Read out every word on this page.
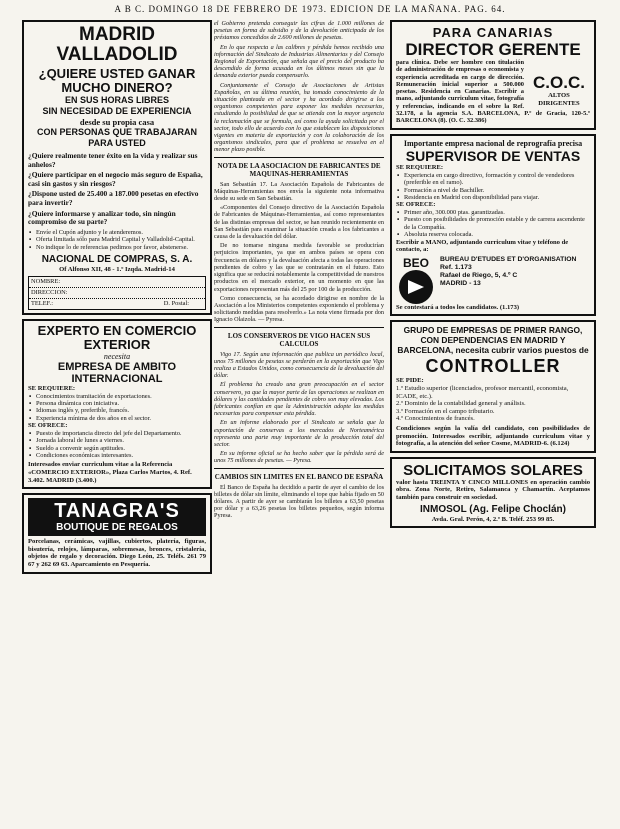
A B C. DOMINGO 18 DE FEBRERO DE 1973. EDICION DE LA MAÑANA. PAG. 64.
MADRID
VALLADOLID
¿QUIERE USTED GANAR
MUCHO DINERO?
EN SUS HORAS LIBRES
SIN NECESIDAD DE EXPERIENCIA
desde su propia casa
CON PERSONAS QUE TRABAJARAN
PARA USTED
¿Quiere realmente tener éxito en la vida y realizar sus anhelos?
¿Quiere participar en el negocio más seguro de España, casi sin gastos y sin riesgos?
¿Dispone usted de 25.400 a 187.000 pesetas en efectivo para invertir?
¿Quiere informarse y analizar todo, sin ningún compromiso de su parte?
▪ Envíe el Cupón adjunto y le atenderemos.
▪ Oferta limitada sólo para Madrid Capital y Valladolid-Capital.
▪ No indique lo de referencias pedimos por favor, abstenerse.
NACIONAL DE COMPRAS, S. A.
Of Alfonso XII, 48 - 1.º Izqda. Madrid-14
NOMBRE:
DIRECCION:
TELEF.:	D. Postal:
EXPERTO EN COMERCIO
EXTERIOR
necesita
EMPRESA DE AMBITO
INTERNACIONAL
SE REQUIERE:
▪ Conocimientos tramitación de exportaciones.
▪ Persona dinámica con iniciativa.
▪ Idiomas inglés y, preferible, francés.
▪ Experiencia mínima de dos años en el sector.
SE OFRECE:
▪ Puesto de importancia directo del jefe del Departamento.
▪ Jornada laboral de lunes a viernes.
▪ Sueldo a convenir según aptitudes.
▪ Condiciones económicas interesantes.
Interesados enviar curriculum vitae a la Referencia «COMERCIO EXTERIOR», Plaza Carlos Martos, 4. Ref. 3.402. MADRID (3.400.)
TANAGRA'S
BOUTIQUE DE REGALOS
Porcelanas, cerámicas, vajillas, cubiertos, platería, figuras, bisutería, relojes, lámparas, sobremesas, bronces, cristalería, objetos de regalo y decoración. Diego León, 25. Teléfs. 261 79 67 y 262 69 63. Aparcamiento en Pesquería.

el Gobierno pretenda conseguir las cifras de 1.000 millones de pesetas en forma de subsidio y de la devolución anticipada de los préstamos concedidos de 2.600 millones de pesetas.

En lo que respecta a las calibres y pérdida hemos recibido una información del Sindicato de Industrias Alimentarias y del Consejo Regional de Exportación, que señala que el precio del producto ha descendido de forma acusada en los últimos meses sin que la demanda exterior pueda compensarlo.

Conjuntamente el Consejo de Asociaciones de Artistas Españolas, en su última reunión, ha tomado conocimiento de la situación planteada en el sector y ha acordado dirigirse a los organismos competentes para exponer las medidas necesarias, estudiando la posibilidad de que se atienda con la mayor urgencia la reclamación que se formula, así como la ayuda solicitada por el sector, todo ello de acuerdo con lo que establecen las disposiciones vigentes en materia de exportación y con la colaboración de los organismos sindicales, para que el problema se resuelva en el menor plazo posible.

NOTA DE LA ASOCIACION DE FABRICANTES DE MAQUINAS-HERRAMIENTAS

San Sebastián 17. La Asociación Española de Fabricantes de Máquinas-Herramientas nos envía la siguiente nota informativa desde su sede en San Sebastián.

«Componentes del Consejo directivo de la Asociación Española de Fabricantes de Máquinas-Herramientas, así como representantes de las distintas empresas del sector, se han reunido recientemente en San Sebastián para examinar la situación creada a los fabricantes a causa de la devaluación del dólar.

De no tomarse ninguna medida favorable se producirían perjuicios importantes, ya que en ambos países se opera con frecuencia en dólares y la devaluación afecta a todas las operaciones pendientes de cobro y las que se contratarán en el futuro. Esto significa que se reducirá notablemente la competitividad de nuestros productos en el mercado exterior, en un momento en que las exportaciones representan más del 25 por 100 de la producción.

Como consecuencia, se ha acordado dirigirse en nombre de la Asociación a los Ministerios competentes exponiendo el problema y solicitando medidas para resolverlo.» La nota viene firmada por don Ignacio Olaizola. — Pyresa.

LOS CONSERVEROS DE VIGO HACEN SUS CALCULOS

Vigo 17. Según una información que publica un periódico local, unos 75 millones de pesetas se perderán en la exportación que Vigo realiza a Estados Unidos, como consecuencia de la devaluación del dólar.

El problema ha creado una gran preocupación en el sector conservero, ya que la mayor parte de las operaciones se realizan en dólares y las cantidades pendientes de cobro son muy elevadas. Los fabricantes confían en que la Administración adopte las medidas necesarias para compensar esta pérdida.

En un informe elaborado por el Sindicato se señala que la exportación de conservas a los mercados de Norteamérica representa una parte muy importante de la producción total del sector.

En su informe oficial se ha hecho saber que la pérdida será de unos 75 millones de pesetas. — Pyresa.

CAMBIOS SIN LIMITES EN EL BANCO DE ESPAÑA

El Banco de España ha decidido a partir de ayer el cambio de los billetes de dólar sin límite, eliminando el tope que había fijado en 50 dólares. A partir de ayer se cambiarán los billetes a 63,50 pesetas por dólar y a 63,26 pesetas los billetes pequeños, según informa Pyresa.

PARA CANARIAS
DIRECTOR GERENTE
C.O.C.
ALTOS DIRIGENTES
para clínica. Debe ser hombre con titulación de administración de empresas o economista y experiencia acreditada en cargo de dirección. Remuneración inicial superior a 500.000 pesetas. Residencia en Canarias. Escribir a mano, adjuntando curriculum vitae, fotografía y referencias, indicando en el sobre la Ref. 32.178, a la agencia S.A. BARCELONA, P.º de Gracia, 120-5.º BARCELONA (8). (O. C. 32.386)
Importante empresa nacional de reprografía precisa
SUPERVISOR DE VENTAS
SE REQUIERE:
▪ Experiencia en cargo directivo, formación y control de vendedores (preferible en el ramo).
▪ Formación a nivel de Bachiller.
▪ Residencia en Madrid con disponibilidad para viajar.
SE OFRECE:
▪ Primer año, 300.000 ptas. garantizadas.
▪ Puesto con posibilidades de promoción estable y de carrera ascendente de la Compañía.
▪ Absoluta reserva colocada.
Escribir a MANO, adjuntando curriculum vitae y teléfono de contacto, a:
BEO	BUREAU D'ETUDES ET D'ORGANISATION
Ref. 1.173
Rafael de Riego, 5, 4.º C
MADRID - 13
Se contestará a todos los candidatos. (1.173)
GRUPO DE EMPRESAS DE PRIMER RANGO, CON DEPENDENCIAS EN MADRID Y BARCELONA, necesita cubrir varios puestos de
CONTROLLER
SE PIDE:
1.º Estudio superior (licenciados, profesor mercantil, economista, ICADE, etc.).
2.º Dominio de la contabilidad general y análisis.
3.º Formación en el campo tributario.
4.º Conocimientos de francés.
Condiciones según la valía del candidato, con posibilidades de promoción. Interesados escribir, adjuntando curriculum vitae y fotografía, a la atención del señor Cosme, MADRID-6. (6.124)
SOLICITAMOS SOLARES
valor hasta TREINTA Y CINCO MILLONES en operación cambio obra. Zona Norte, Retiro, Salamanca y Chamartín. Aceptamos también para construir en sociedad.
INMOSOL (Ag. Felipe Choclán)
Avda. Gral. Perón, 4, 2.º B. Teléf. 253 99 85.
